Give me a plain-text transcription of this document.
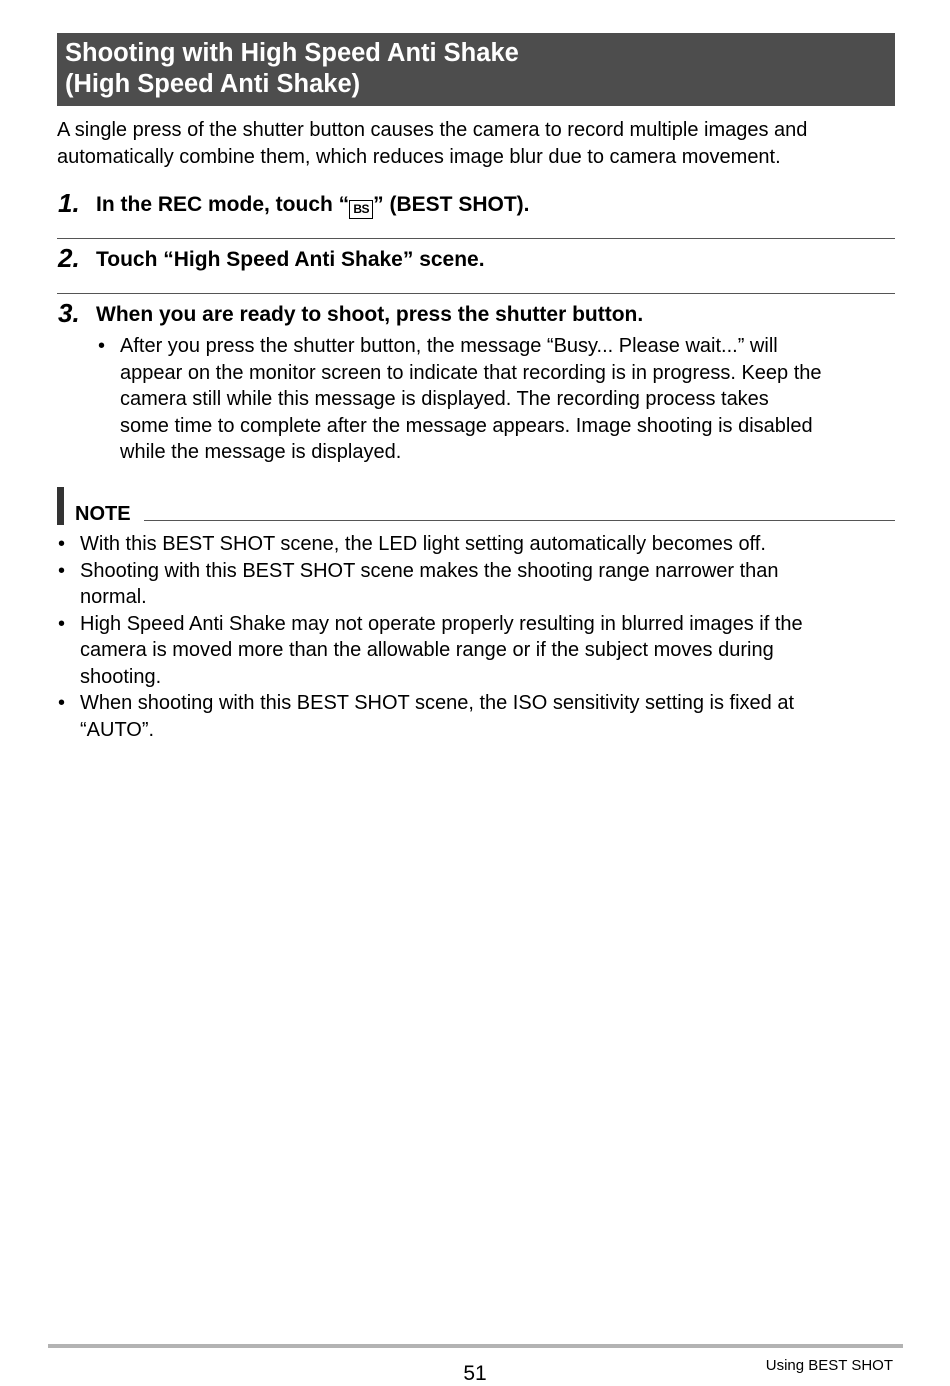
Shooting with High Speed Anti Shake
(High Speed Anti Shake)
A single press of the shutter button causes the camera to record multiple images and
automatically combine them, which reduces image blur due to camera movement.
1. In the REC mode, touch “ BS ” (BEST SHOT).
2. Touch “High Speed Anti Shake” scene.
3. When you are ready to shoot, press the shutter button.
• After you press the shutter button, the message “Busy... Please wait...” will
appear on the monitor screen to indicate that recording is in progress. Keep the
camera still while this message is displayed. The recording process takes
some time to complete after the message appears. Image shooting is disabled
while the message is displayed.
NOTE
• With this BEST SHOT scene, the LED light setting automatically becomes off.
• Shooting with this BEST SHOT scene makes the shooting range narrower than
normal.
• High Speed Anti Shake may not operate properly resulting in blurred images if the
camera is moved more than the allowable range or if the subject moves during
shooting.
• When shooting with this BEST SHOT scene, the ISO sensitivity setting is fixed at
“AUTO”.
51	Using BEST SHOT
